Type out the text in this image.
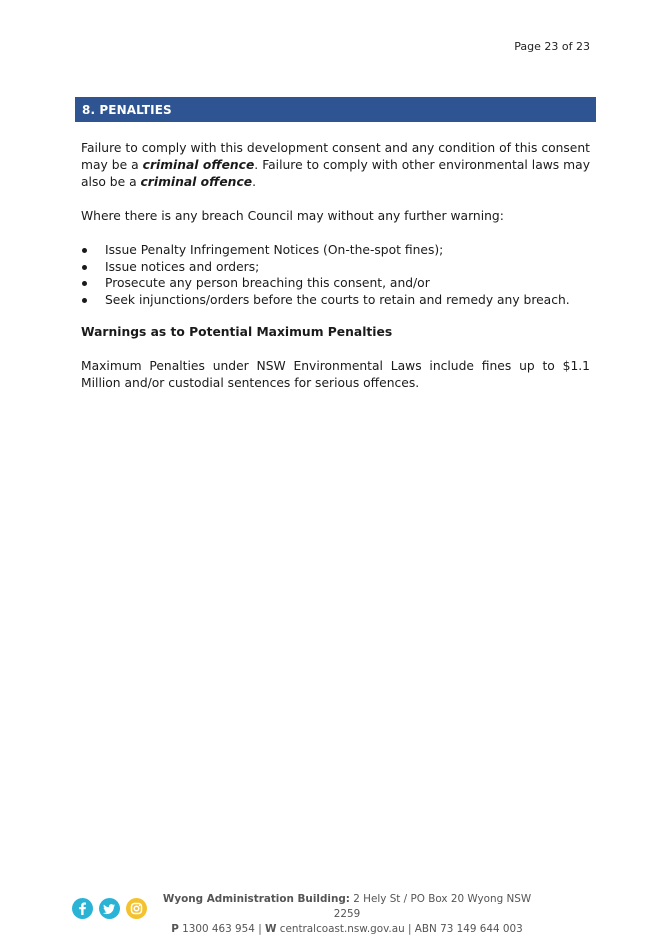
Page 23 of 23
8. PENALTIES

Failure to comply with this development consent and any condition of this consent may be a criminal offence. Failure to comply with other environmental laws may also be a criminal offence.

Where there is any breach Council may without any further warning:

Issue Penalty Infringement Notices (On-the-spot fines);
Issue notices and orders;
Prosecute any person breaching this consent, and/or
Seek injunctions/orders before the courts to retain and remedy any breach.

Warnings as to Potential Maximum Penalties

Maximum Penalties under NSW Environmental Laws include fines up to $1.1 Million and/or custodial sentences for serious offences.

Wyong Administration Building: 2 Hely St / PO Box 20 Wyong NSW 2259
P 1300 463 954 | W centralcoast.nsw.gov.au | ABN 73 149 644 003
